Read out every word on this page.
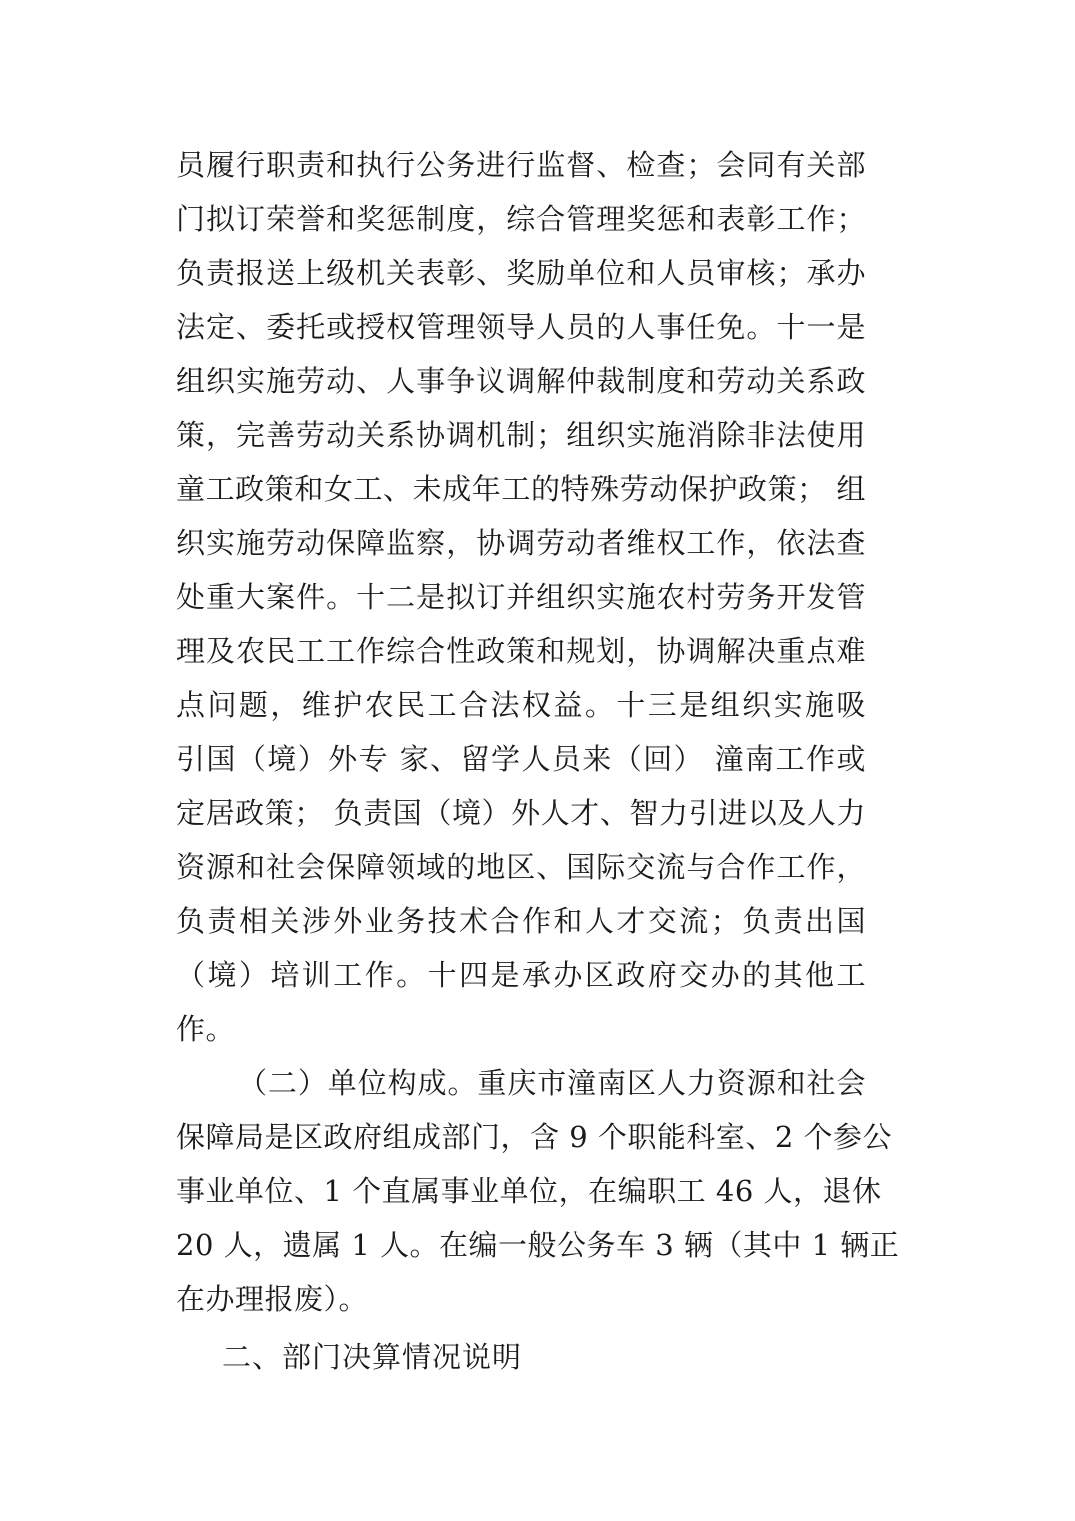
员履行职责和执行公务进行监督、检查；会同有关部
门拟订荣誉和奖惩制度，综合管理奖惩和表彰工作；
负责报送上级机关表彰、奖励单位和人员审核；承办
法定、委托或授权管理领导人员的人事任免。十一是
组织实施劳动、人事争议调解仲裁制度和劳动关系政
策，完善劳动关系协调机制；组织实施消除非法使用
童工政策和女工、未成年工的特殊劳动保护政策； 组
织实施劳动保障监察，协调劳动者维权工作，依法查
处重大案件。十二是拟订并组织实施农村劳务开发管
理及农民工工作综合性政策和规划，协调解决重点难
点问题，维护农民工合法权益。十三是组织实施吸
引国（境）外专 家、留学人员来（回） 潼南工作或
定居政策； 负责国（境）外人才、智力引进以及人力
资源和社会保障领域的地区、国际交流与合作工作，
负责相关涉外业务技术合作和人才交流；负责出国
（境）培训工作。十四是承办区政府交办的其他工
作。
（二）单位构成。重庆市潼南区人力资源和社会
保障局是区政府组成部门，含 9 个职能科室、2 个参公
事业单位、1 个直属事业单位，在编职工 46 人，退休
20 人，遗属 1 人。在编一般公务车 3 辆（其中 1 辆正
在办理报废）。
二、部门决算情况说明
